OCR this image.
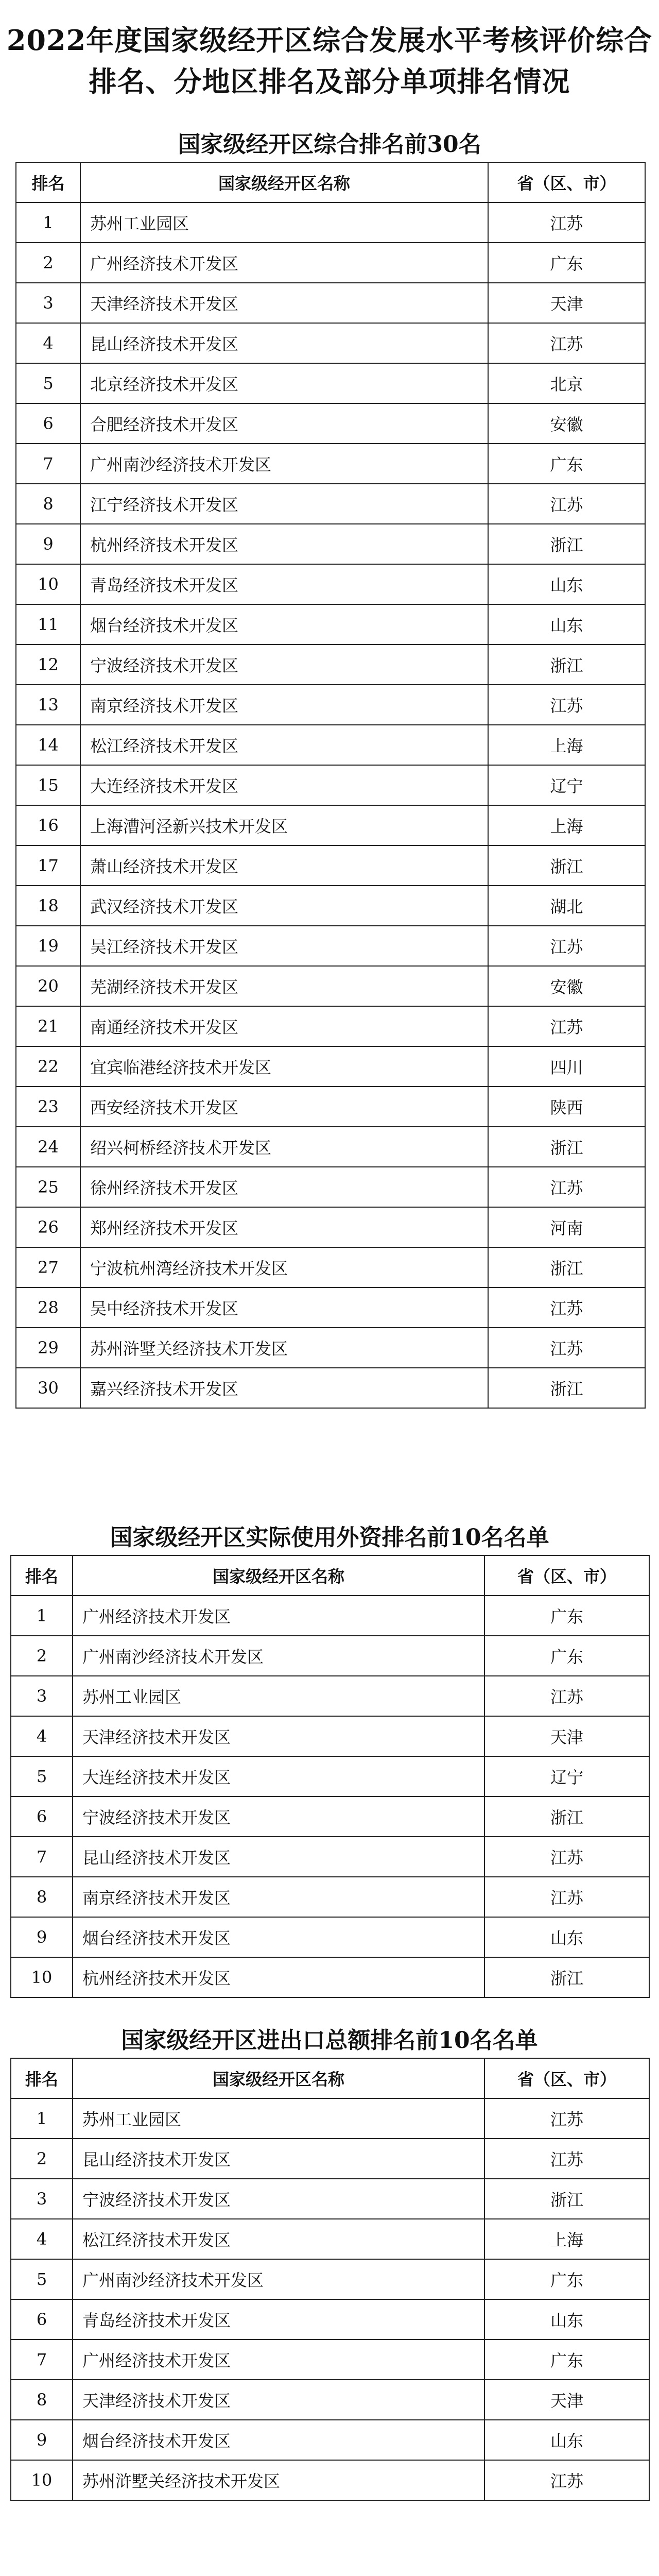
2022年度国家级经开区综合发展水平考核评价综合
排名、分地区排名及部分单项排名情况
国家级经开区综合排名前30名
排名	国家级经开区名称	省（区、市）
1	苏州工业园区	江苏
2	广州经济技术开发区	广东
3	天津经济技术开发区	天津
4	昆山经济技术开发区	江苏
5	北京经济技术开发区	北京
6	合肥经济技术开发区	安徽
7	广州南沙经济技术开发区	广东
8	江宁经济技术开发区	江苏
9	杭州经济技术开发区	浙江
10	青岛经济技术开发区	山东
11	烟台经济技术开发区	山东
12	宁波经济技术开发区	浙江
13	南京经济技术开发区	江苏
14	松江经济技术开发区	上海
15	大连经济技术开发区	辽宁
16	上海漕河泾新兴技术开发区	上海
17	萧山经济技术开发区	浙江
18	武汉经济技术开发区	湖北
19	吴江经济技术开发区	江苏
20	芜湖经济技术开发区	安徽
21	南通经济技术开发区	江苏
22	宜宾临港经济技术开发区	四川
23	西安经济技术开发区	陕西
24	绍兴柯桥经济技术开发区	浙江
25	徐州经济技术开发区	江苏
26	郑州经济技术开发区	河南
27	宁波杭州湾经济技术开发区	浙江
28	吴中经济技术开发区	江苏
29	苏州浒墅关经济技术开发区	江苏
30	嘉兴经济技术开发区	浙江
国家级经开区实际使用外资排名前10名名单
排名	国家级经开区名称	省（区、市）
1	广州经济技术开发区	广东
2	广州南沙经济技术开发区	广东
3	苏州工业园区	江苏
4	天津经济技术开发区	天津
5	大连经济技术开发区	辽宁
6	宁波经济技术开发区	浙江
7	昆山经济技术开发区	江苏
8	南京经济技术开发区	江苏
9	烟台经济技术开发区	山东
10	杭州经济技术开发区	浙江
国家级经开区进出口总额排名前10名名单
排名	国家级经开区名称	省（区、市）
1	苏州工业园区	江苏
2	昆山经济技术开发区	江苏
3	宁波经济技术开发区	浙江
4	松江经济技术开发区	上海
5	广州南沙经济技术开发区	广东
6	青岛经济技术开发区	山东
7	广州经济技术开发区	广东
8	天津经济技术开发区	天津
9	烟台经济技术开发区	山东
10	苏州浒墅关经济技术开发区	江苏
